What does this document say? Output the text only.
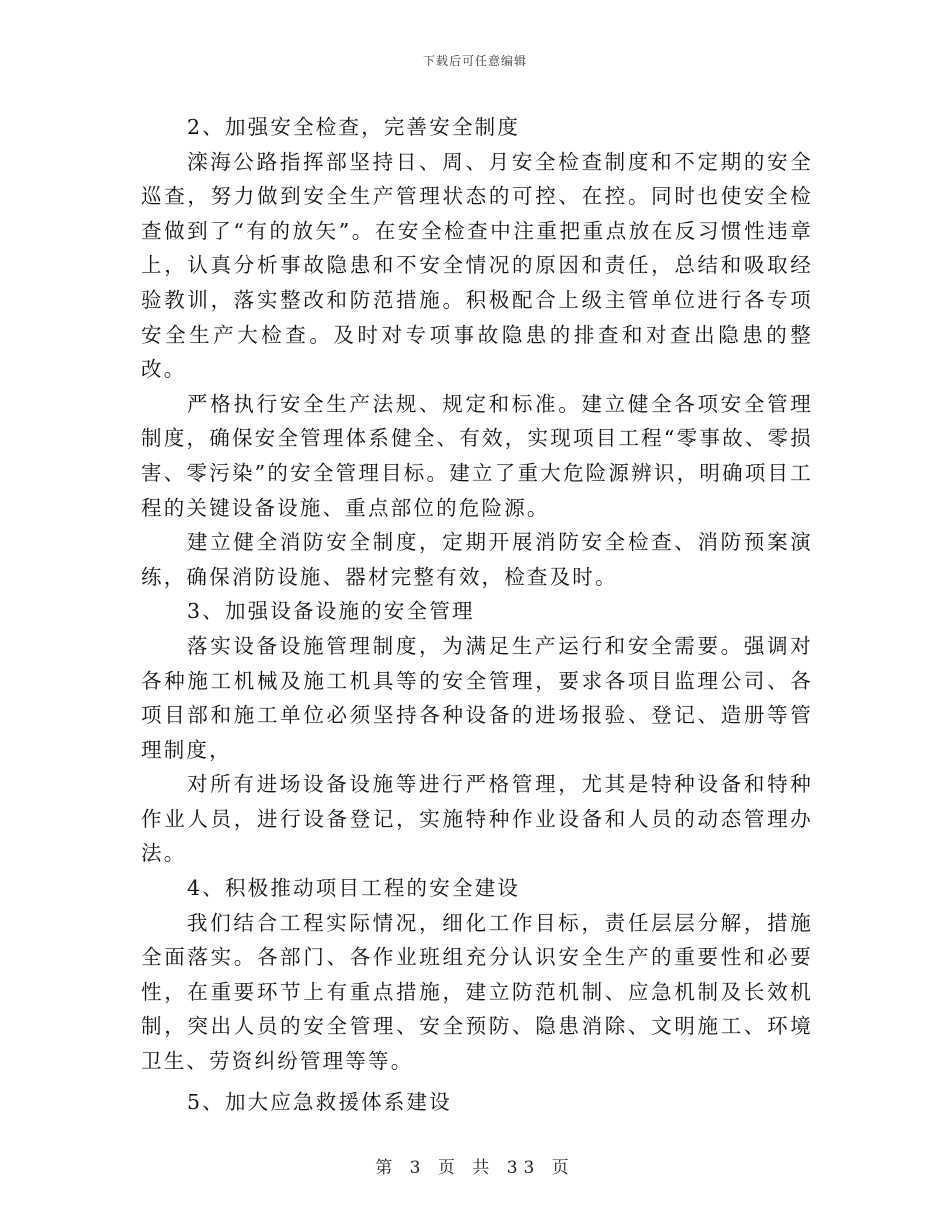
下载后可任意编辑

2、加强安全检查，完善安全制度

滦海公路指挥部坚持日、周、月安全检查制度和不定期的安全巡查，努力做到安全生产管理状态的可控、在控。同时也使安全检查做到了“有的放矢”。在安全检查中注重把重点放在反习惯性违章上，认真分析事故隐患和不安全情况的原因和责任，总结和吸取经验教训，落实整改和防范措施。积极配合上级主管单位进行各专项安全生产大检查。及时对专项事故隐患的排查和对查出隐患的整改。

严格执行安全生产法规、规定和标准。建立健全各项安全管理制度，确保安全管理体系健全、有效，实现项目工程“零事故、零损害、零污染”的安全管理目标。建立了重大危险源辨识，明确项目工程的关键设备设施、重点部位的危险源。

建立健全消防安全制度，定期开展消防安全检查、消防预案演练，确保消防设施、器材完整有效，检查及时。

3、加强设备设施的安全管理

落实设备设施管理制度，为满足生产运行和安全需要。强调对各种施工机械及施工机具等的安全管理，要求各项目监理公司、各项目部和施工单位必须坚持各种设备的进场报验、登记、造册等管理制度，

对所有进场设备设施等进行严格管理，尤其是特种设备和特种作业人员，进行设备登记，实施特种作业设备和人员的动态管理办法。

4、积极推动项目工程的安全建设

我们结合工程实际情况，细化工作目标，责任层层分解，措施全面落实。各部门、各作业班组充分认识安全生产的重要性和必要性，在重要环节上有重点措施，建立防范机制、应急机制及长效机制，突出人员的安全管理、安全预防、隐患消除、文明施工、环境卫生、劳资纠纷管理等等。

5、加大应急救援体系建设

第 3 页 共 33 页
